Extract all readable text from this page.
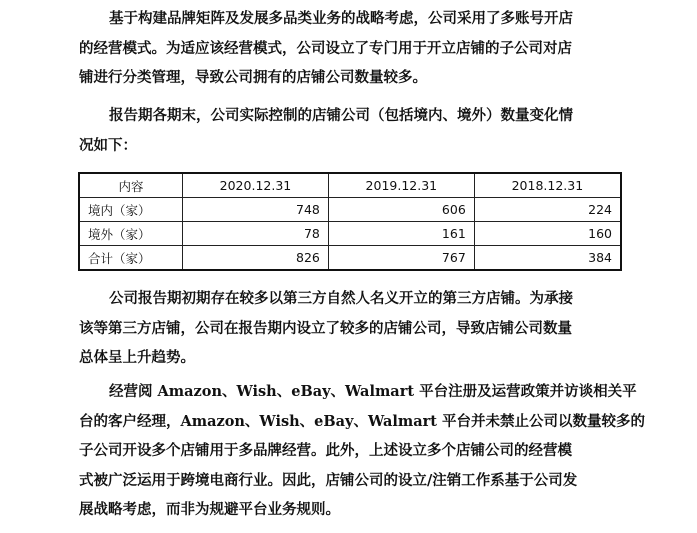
基于构建品牌矩阵及发展多品类业务的战略考虑，公司采用了多账号开店
的经营模式。为适应该经营模式，公司设立了专门用于开立店铺的子公司对店
铺进行分类管理，导致公司拥有的店铺公司数量较多。
报告期各期末，公司实际控制的店铺公司（包括境内、境外）数量变化情
况如下：
内容	2020.12.31	2019.12.31	2018.12.31
境内（家）	748	606	224
境外（家）	78	161	160
合计（家）	826	767	384
公司报告期初期存在较多以第三方自然人名义开立的第三方店铺。为承接
该等第三方店铺，公司在报告期内设立了较多的店铺公司，导致店铺公司数量
总体呈上升趋势。
经营阅 Amazon、Wish、eBay、Walmart 平台注册及运营政策并访谈相关平
台的客户经理，Amazon、Wish、eBay、Walmart 平台并未禁止公司以数量较多的
子公司开设多个店铺用于多品牌经营。此外，上述设立多个店铺公司的经营模
式被广泛运用于跨境电商行业。因此，店铺公司的设立/注销工作系基于公司发
展战略考虑，而非为规避平台业务规则。
